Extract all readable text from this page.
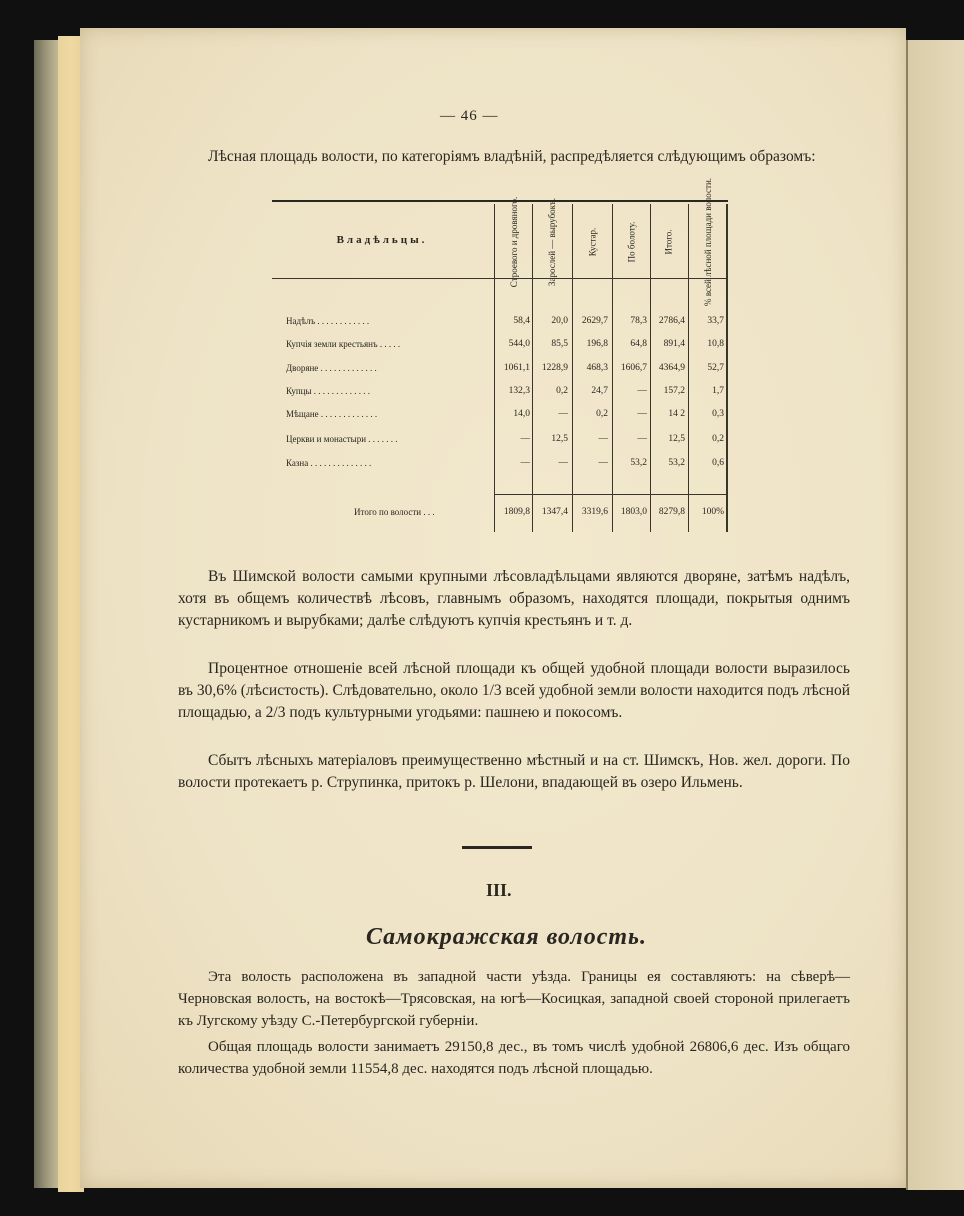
— 46 —
Лѣсная площадь волости, по категоріямъ владѣній, распредѣляется слѣдующимъ образомъ:
Владѣльцы.	Строевого и дровяного.	Зарослей — вырубокъ.	Кустар.	По болоту.	Итого.	% всей лѣсной площади волости.
Надѣлъ . . . . . . . . . . . .	58,4	20,0	2629,7	78,3	2786,4	33,7
Купчія земли крестьянъ . . . . .	544,0	85,5	196,8	64,8	891,4	10,8
Дворяне . . . . . . . . . . . . .	1061,1	1228,9	468,3	1606,7	4364,9	52,7
Купцы . . . . . . . . . . . . .	132,3	0,2	24,7	—	157,2	1,7
Мѣщане . . . . . . . . . . . . .	14,0	—	0,2	—	14 2	0,3
Церкви и монастыри . . . . . . .	—	12,5	—	—	12,5	0,2
Казна . . . . . . . . . . . . . .	—	—	—	53,2	53,2	0,6
Итого по волости . . .	1809,8	1347,4	3319,6	1803,0	8279,8	100%
Въ Шимской волости самыми крупными лѣсовладѣльцами являются дворяне, затѣмъ надѣлъ, хотя въ общемъ количествѣ лѣсовъ, главнымъ образомъ, находятся площади, покрытыя однимъ кустарникомъ и вырубками; далѣе слѣдуютъ купчія крестьянъ и т. д.
Процентное отношеніе всей лѣсной площади къ общей удобной площади волости выразилось въ 30,6% (лѣсистость). Слѣдовательно, около 1/3 всей удобной земли волости находится подъ лѣсной площадью, а 2/3 подъ культурными угодьями: пашнею и покосомъ.
Сбытъ лѣсныхъ матеріаловъ преимущественно мѣстный и на ст. Шимскъ, Нов. жел. дороги. По волости протекаетъ р. Струпинка, притокъ р. Шелони, впадающей въ озеро Ильмень.
III.
Самокражская волость.
Эта волость расположена въ западной части уѣзда. Границы ея составляютъ: на сѣверѣ—Черновская волость, на востокѣ—Трясовская, на югѣ—Косицкая, западной своей стороной прилегаетъ къ Лугскому уѣзду С.-Петербургской губерніи.
Общая площадь волости занимаетъ 29150,8 дес., въ томъ числѣ удобной 26806,6 дес. Изъ общаго количества удобной земли 11554,8 дес. находятся подъ лѣсной площадью.
